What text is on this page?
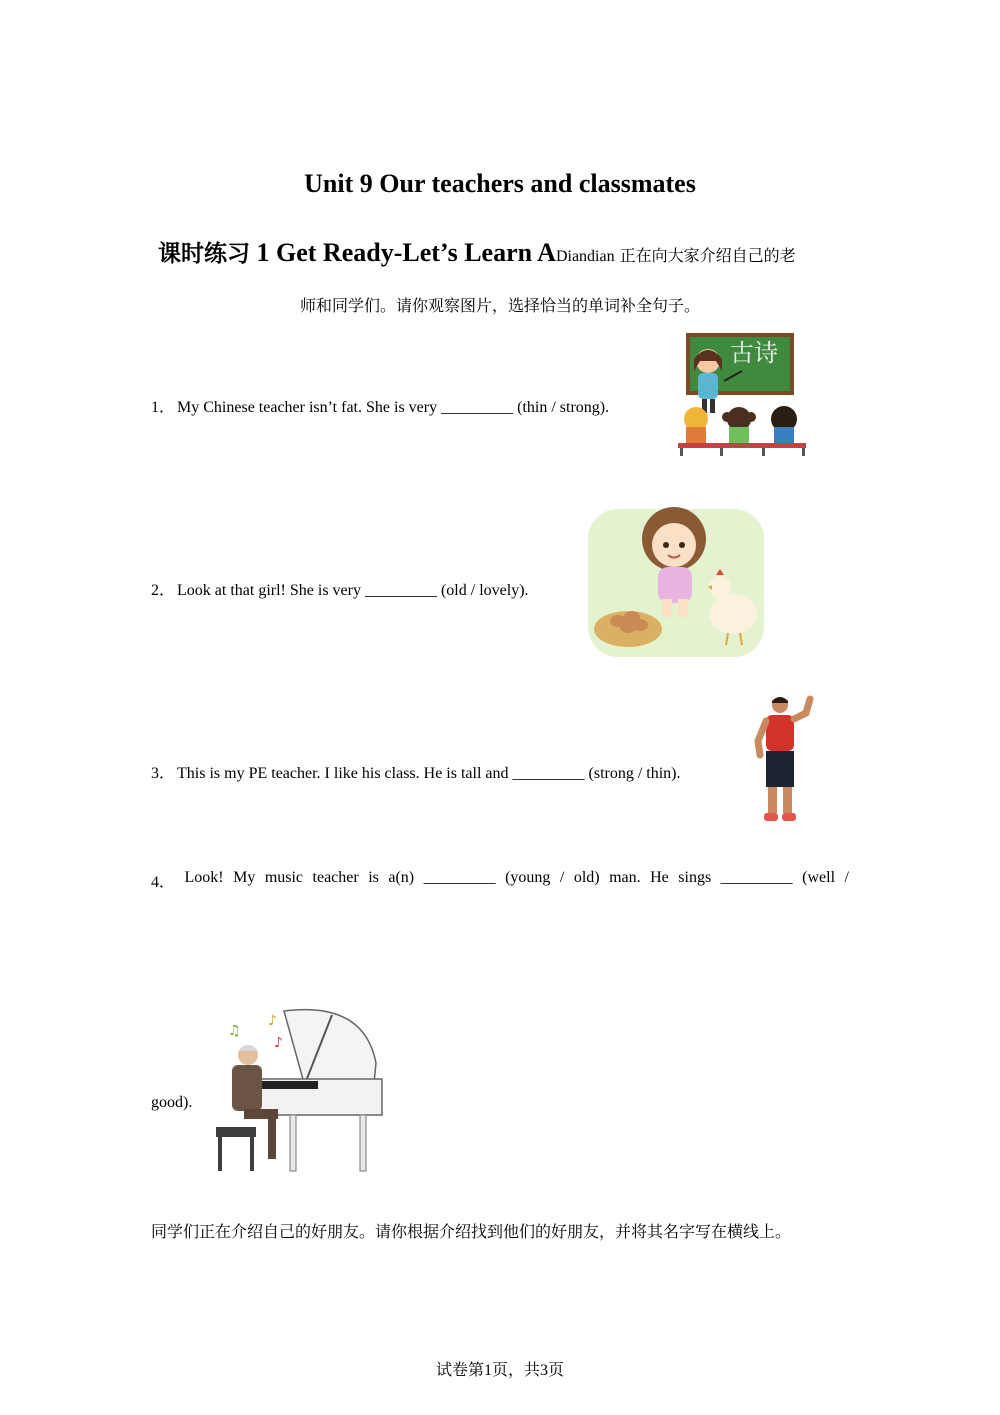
Unit 9 Our teachers and classmates
课时练习 1 Get Ready-Let’s Learn ADiandian 正在向大家介绍自己的老
师和同学们。请你观察图片，选择恰当的单词补全句子。
1． My Chinese teacher isn’t fat. She is very _________ (thin / strong).
古诗
2． Look at that girl! She is very _________ (old / lovely).
3． This is my PE teacher. I like his class. He is tall and _________ (strong / thin).
4． Look! My music teacher is a(n) _________ (young / old) man. He sings _________ (well /
good).
♪
♫
♪
同学们正在介绍自己的好朋友。请你根据介绍找到他们的好朋友，并将其名字写在横线上。
试卷第1页，共3页
